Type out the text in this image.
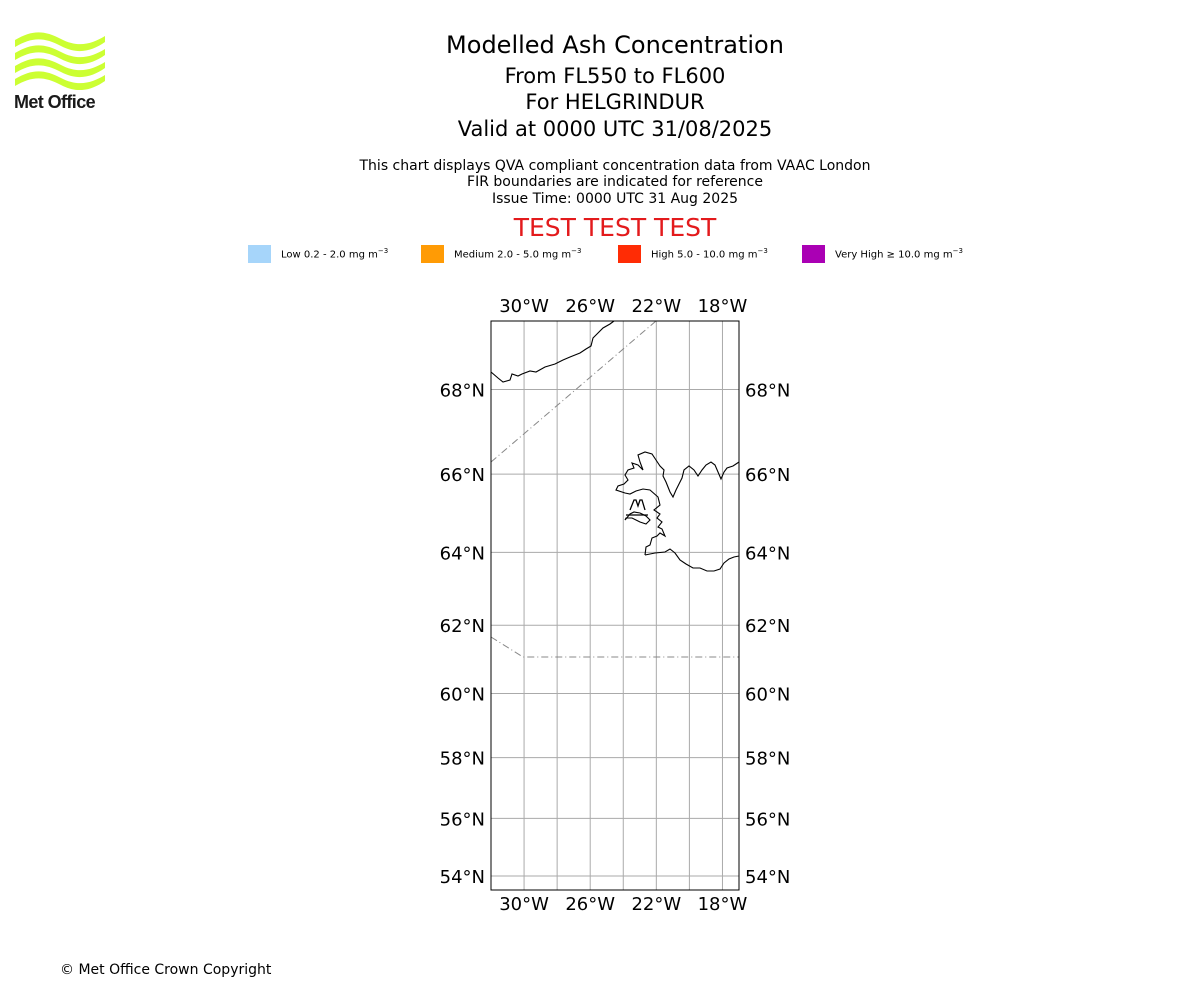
Met Office
Modelled Ash Concentration
From FL550 to FL600
For HELGRINDUR
Valid at 0000 UTC 31/08/2025
This chart displays QVA compliant concentration data from VAAC London
FIR boundaries are indicated for reference
Issue Time: 0000 UTC 31 Aug 2025
TEST TEST TEST
Low 0.2 - 2.0 mg $m^{-3}$	Medium 2.0 - 5.0 mg $m^{-3}$	High 5.0 - 10.0 mg $m^{-3}$	Very High ≥ 10.0 mg $m^{-3}$
30°W 26°W 22°W 18°W
30°W 26°W 22°W 18°W
68°N
66°N
64°N
62°N
60°N
58°N
56°N
54°N
68°N
66°N
64°N
62°N
60°N
58°N
56°N
54°N
© Met Office Crown Copyright
